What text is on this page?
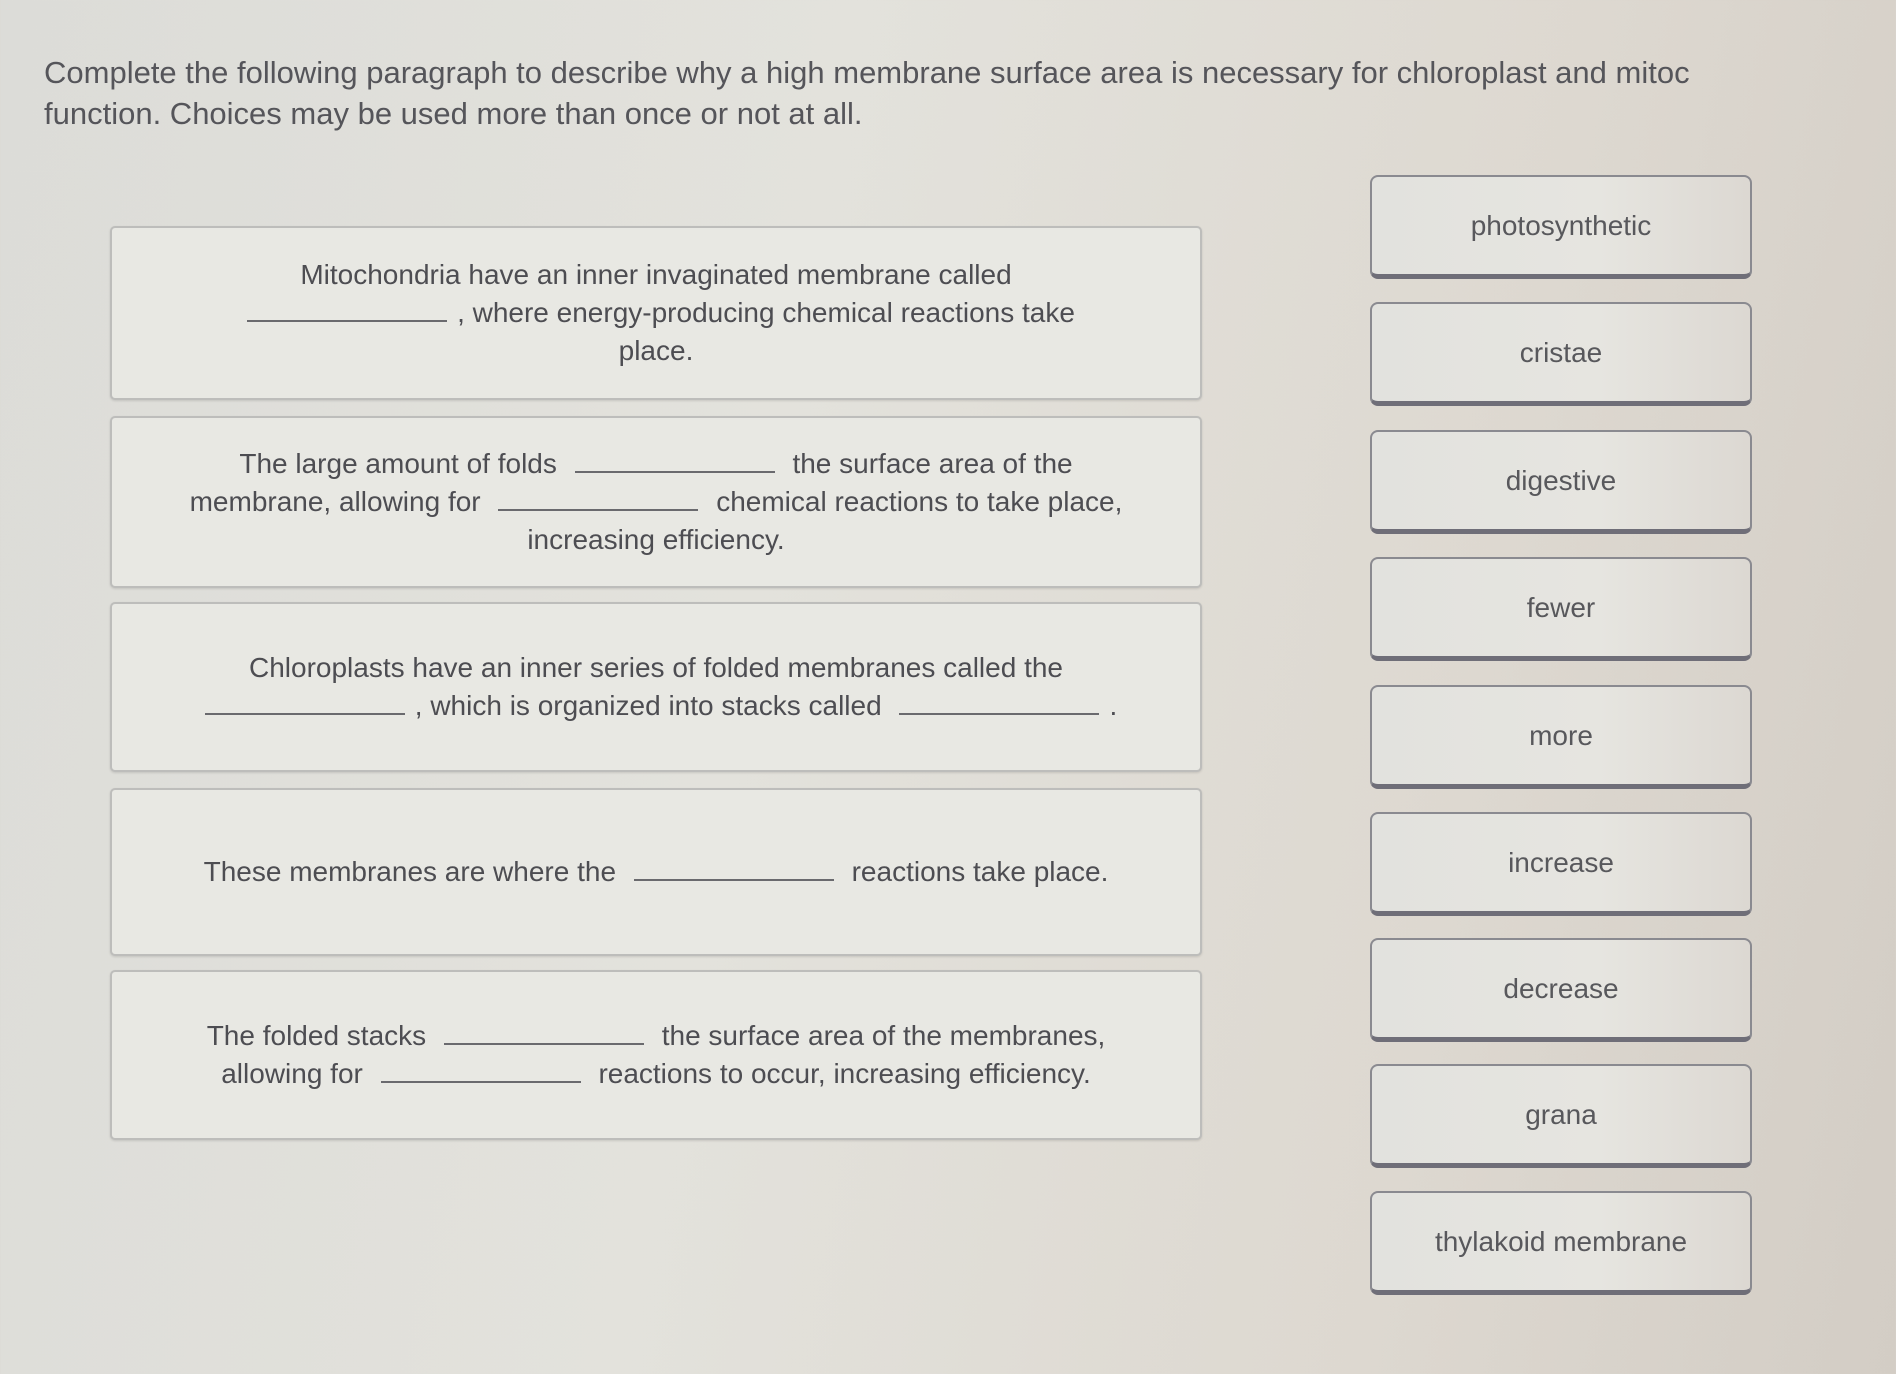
Complete the following paragraph to describe why a high membrane surface area is necessary for chloroplast and mitoc
function. Choices may be used more than once or not at all.
Mitochondria have an inner invaginated membrane called
, where energy-producing chemical reactions take place.
The large amount of folds	the surface area of the membrane, allowing for	chemical reactions to take place, increasing efficiency.
Chloroplasts have an inner series of folded membranes called the
, which is organized into stacks called	.
These membranes are where the	reactions take place.
The folded stacks	the surface area of the membranes, allowing for	reactions to occur, increasing efficiency.
photosynthetic
cristae
digestive
fewer
more
increase
decrease
grana
thylakoid membrane
